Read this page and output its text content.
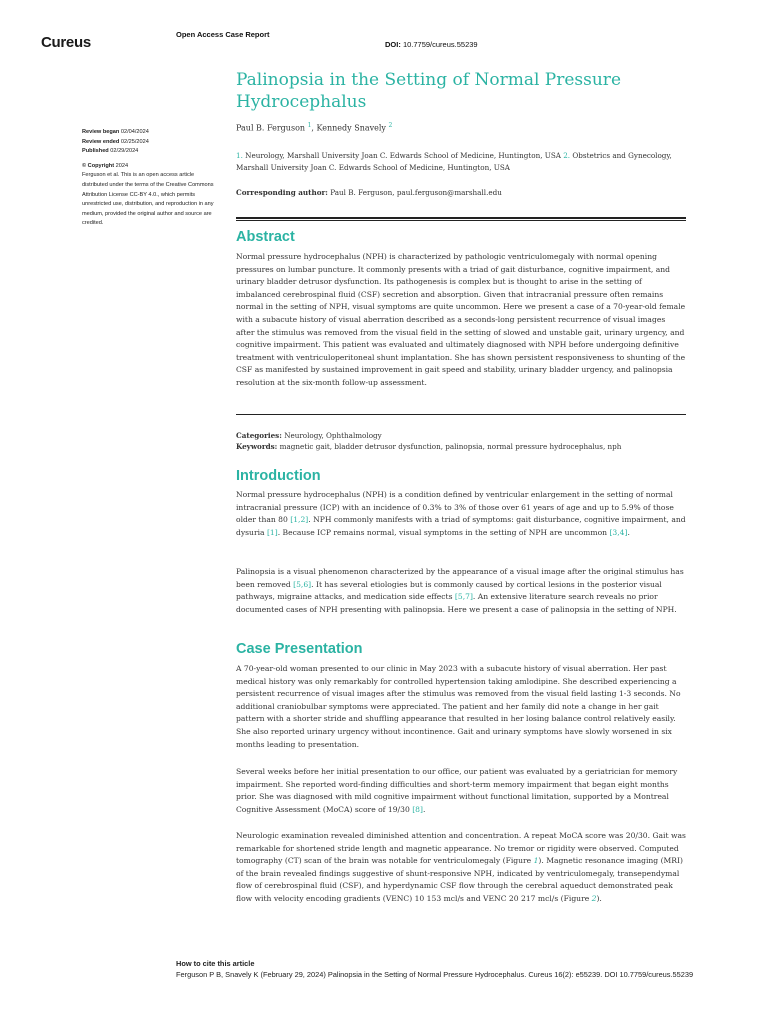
Cureus	Open Access Case Report
DOI: 10.7759/cureus.55239
Review began 02/04/2024
Review ended 02/25/2024
Published 02/29/2024
© Copyright 2024
Ferguson et al. This is an open access article distributed under the terms of the Creative Commons Attribution License CC-BY 4.0., which permits unrestricted use, distribution, and reproduction in any medium, provided the original author and source are credited.
Palinopsia in the Setting of Normal Pressure Hydrocephalus
Paul B. Ferguson $^1$, Kennedy Snavely $^2$
1. Neurology, Marshall University Joan C. Edwards School of Medicine, Huntington, USA 2. Obstetrics and Gynecology, Marshall University Joan C. Edwards School of Medicine, Huntington, USA
Corresponding author: Paul B. Ferguson, paul.ferguson@marshall.edu
Abstract

Normal pressure hydrocephalus (NPH) is characterized by pathologic ventriculomegaly with normal opening pressures on lumbar puncture. It commonly presents with a triad of gait disturbance, cognitive impairment, and urinary bladder detrusor dysfunction. Its pathogenesis is complex but is thought to arise in the setting of imbalanced cerebrospinal fluid (CSF) secretion and absorption. Given that intracranial pressure often remains normal in the setting of NPH, visual symptoms are quite uncommon. Here we present a case of a 70-year-old female with a subacute history of visual aberration described as a seconds-long persistent recurrence of visual images after the stimulus was removed from the visual field in the setting of slowed and unstable gait, urinary urgency, and cognitive impairment. This patient was evaluated and ultimately diagnosed with NPH before undergoing definitive treatment with ventriculoperitoneal shunt implantation. She has shown persistent responsiveness to shunting of the CSF as manifested by sustained improvement in gait speed and stability, urinary bladder urgency, and palinopsia resolution at the six-month follow-up assessment.

Categories: Neurology, Ophthalmology
Keywords: magnetic gait, bladder detrusor dysfunction, palinopsia, normal pressure hydrocephalus, nph
Introduction

Normal pressure hydrocephalus (NPH) is a condition defined by ventricular enlargement in the setting of normal intracranial pressure (ICP) with an incidence of 0.3% to 3% of those over 61 years of age and up to 5.9% of those older than 80 [1,2]. NPH commonly manifests with a triad of symptoms: gait disturbance, cognitive impairment, and dysuria [1]. Because ICP remains normal, visual symptoms in the setting of NPH are uncommon [3,4].

Palinopsia is a visual phenomenon characterized by the appearance of a visual image after the original stimulus has been removed [5,6]. It has several etiologies but is commonly caused by cortical lesions in the posterior visual pathways, migraine attacks, and medication side effects [5,7]. An extensive literature search reveals no prior documented cases of NPH presenting with palinopsia. Here we present a case of palinopsia in the setting of NPH.

Case Presentation

A 70-year-old woman presented to our clinic in May 2023 with a subacute history of visual aberration. Her past medical history was only remarkably for controlled hypertension taking amlodipine. She described experiencing a persistent recurrence of visual images after the stimulus was removed from the visual field lasting 1-3 seconds. No additional craniobulbar symptoms were appreciated. The patient and her family did note a change in her gait pattern with a shorter stride and shuffling appearance that resulted in her losing balance control relatively easily. She also reported urinary urgency without incontinence. Gait and urinary symptoms have slowly worsened in six months leading to presentation.

Several weeks before her initial presentation to our office, our patient was evaluated by a geriatrician for memory impairment. She reported word-finding difficulties and short-term memory impairment that began eight months prior. She was diagnosed with mild cognitive impairment without functional limitation, supported by a Montreal Cognitive Assessment (MoCA) score of 19/30 [8].

Neurologic examination revealed diminished attention and concentration. A repeat MoCA score was 20/30. Gait was remarkable for shortened stride length and magnetic appearance. No tremor or rigidity were observed. Computed tomography (CT) scan of the brain was notable for ventriculomegaly (Figure 1). Magnetic resonance imaging (MRI) of the brain revealed findings suggestive of shunt-responsive NPH, indicated by ventriculomegaly, transependymal flow of cerebrospinal fluid (CSF), and hyperdynamic CSF flow through the cerebral aqueduct demonstrated peak flow with velocity encoding gradients (VENC) 10 153 mcl/s and VENC 20 217 mcl/s (Figure 2).

How to cite this article
Ferguson P B, Snavely K (February 29, 2024) Palinopsia in the Setting of Normal Pressure Hydrocephalus. Cureus 16(2): e55239. DOI 10.7759/cureus.55239
